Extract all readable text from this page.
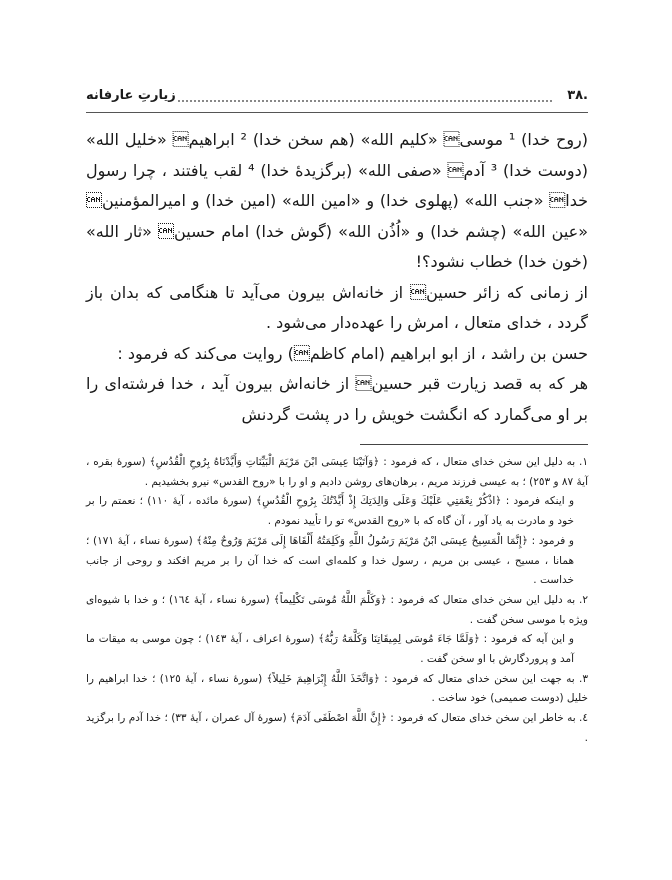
۳۸.
زیارتِ عارفانه

(روح خدا) ¹ موسى «کليم الله» (هم سخن خدا) ² ابراهيم «خليل الله» (دوست خدا) ³ آدم «صفی الله» (برگزيدهٔ خدا) ⁴ لقب يافتند ، چرا رسول خدا «جنب الله» (پهلوی خدا) و «امين الله» (امين خدا) و اميرالمؤمنين «عين الله» (چشم خدا) و «اُذُن الله» (گوش خدا) امام حسين «ثار الله» (خون خدا) خطاب نشود؟!

از زمانی که زائر حسين از خانه‌اش بيرون می‌آيد تا هنگامی که بدان باز گردد ، خدای متعال ، امرش را عهده‌دار می‌شود .

حسن بن راشد ، از ابو ابراهيم (امام کاظم) روايت می‌کند که فرمود :

هر که به قصد زيارت قبر حسين از خانه‌اش بيرون آيد ، خدا فرشته‌ای را بر او می‌گمارد که انگشت خويش را در پشت گردنش

١. به دليل اين سخن خدای متعال ، که فرمود : ﴿وَآتَيْنَا عِيسَى ابْنَ مَرْيَمَ الْبَيِّنَاتِ وَأَيَّدْنَاهُ بِرُوحِ الْقُدُسِ﴾ (سورهٔ بقره ، آيهٔ ٨٧ و ٢٥٣) ؛ به عيسی فرزند مريم ، برهان‌های روشن داديم و او را با «روح القدس» نيرو بخشيديم .

و اينکه فرمود : ﴿اذْكُرْ نِعْمَتِي عَلَيْكَ وَعَلَى وَالِدَتِكَ إِذْ أَيَّدْتُكَ بِرُوحِ الْقُدُسِ﴾ (سورهٔ مائده ، آيهٔ ١١٠) ؛ نعمتم را بر خود و مادرت به ياد آور ، آن گاه که با «روح القدس» تو را تأييد نمودم .

و فرمود : ﴿إِنَّمَا الْمَسِيحُ عِيسَى ابْنُ مَرْيَمَ رَسُولُ اللَّهِ وَكَلِمَتُهُ أَلْقَاهَا إِلَى مَرْيَمَ وَرُوحٌ مِنْهُ﴾ (سورهٔ نساء ، آيهٔ ١٧١) ؛ همانا ، مسيح ، عيسی بن مريم ، رسول خدا و کلمه‌ای است که خدا آن را بر مريم افکند و روحی از جانب خداست .

٢. به دليل اين سخن خدای متعال که فرمود : ﴿وَكَلَّمَ اللَّهُ مُوسَى تَكْلِيماً﴾ (سورهٔ نساء ، آيهٔ ١٦٤) ؛ و خدا با شيوه‌ای ويژه با موسی سخن گفت .

و اين آيه که فرمود : ﴿وَلَمَّا جَاءَ مُوسَى لِمِيقَاتِنَا وَكَلَّمَهُ رَبُّهُ﴾ (سورهٔ اعراف ، آيهٔ ١٤٣) ؛ چون موسی به ميقات ما آمد و پروردگارش با او سخن گفت .

٣. به جهت اين سخن خدای متعال که فرمود : ﴿وَاتَّخَذَ اللَّهُ إِبْرَاهِيمَ خَلِيلاً﴾ (سورهٔ نساء ، آيهٔ ١٢٥) ؛ خدا ابراهيم را خليل (دوست صميمی) خود ساخت .

٤. به خاطر اين سخن خدای متعال که فرمود : ﴿إِنَّ اللَّهَ اصْطَفَى آدَمَ﴾ (سورهٔ آل عمران ، آيهٔ ٣٣) ؛ خدا آدم را برگزيد .
